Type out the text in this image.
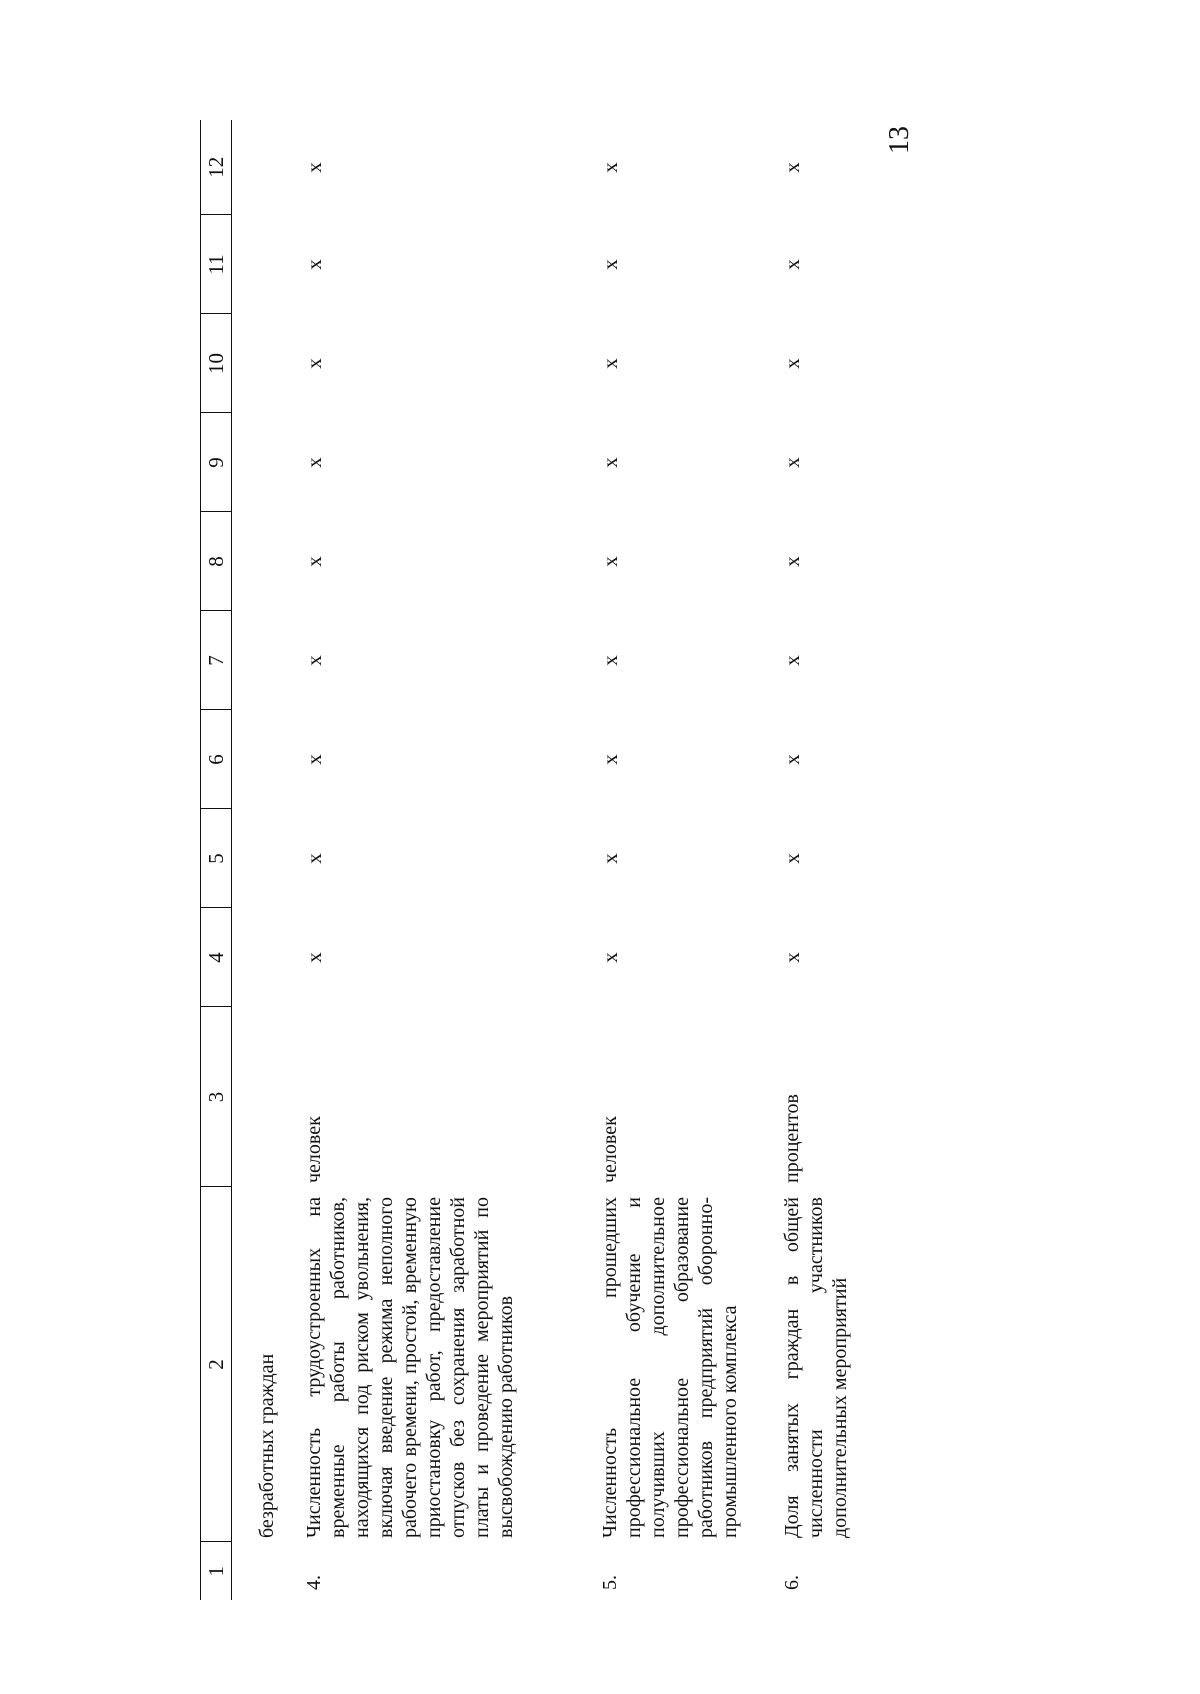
13
1	2	3	4	5	6	7	8	9	10	11	12
	безработных граждан										
4.	Численность трудоустроенных на временные работы работников, находящихся под риском увольнения, включая введение режима неполного рабочего времени, простой, временную приостановку работ, предоставление отпусков без сохранения заработной платы и проведение мероприятий по высвобождению работников	человек	x	x	x	x	x	x	x	x	x
5.	Численность прошедших профессиональное обучение и получивших дополнительное профессиональное образование работников предприятий оборонно-промышленного комплекса	человек	x	x	x	x	x	x	x	x	x
6.	Доля занятых граждан в общей численности участников дополнительных мероприятий	процентов	x	x	x	x	x	x	x	x	x
